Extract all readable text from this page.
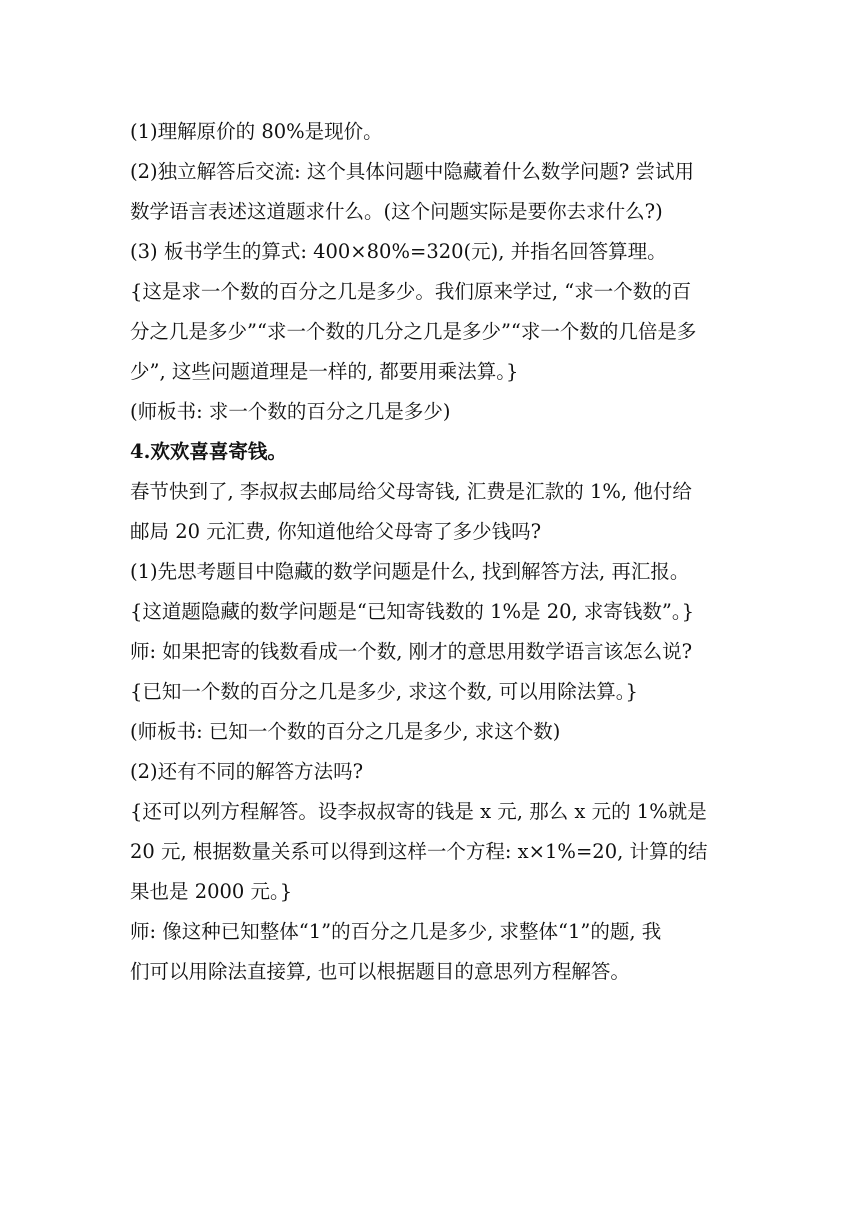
(1)理解原价的 80%是现价。

(2)独立解答后交流: 这个具体问题中隐藏着什么数学问题? 尝试用

数学语言表述这道题求什么。(这个问题实际是要你去求什么?)

(3) 板书学生的算式: 400×80%=320(元), 并指名回答算理。

{这是求一个数的百分之几是多少。我们原来学过, “求一个数的百

分之几是多少”“求一个数的几分之几是多少”“求一个数的几倍是多

少”, 这些问题道理是一样的, 都要用乘法算。}

(师板书: 求一个数的百分之几是多少)

4.欢欢喜喜寄钱。

春节快到了, 李叔叔去邮局给父母寄钱, 汇费是汇款的 1%, 他付给

邮局 20 元汇费, 你知道他给父母寄了多少钱吗?

(1)先思考题目中隐藏的数学问题是什么, 找到解答方法, 再汇报。

{这道题隐藏的数学问题是“已知寄钱数的 1%是 20, 求寄钱数”。}

师: 如果把寄的钱数看成一个数, 刚才的意思用数学语言该怎么说?

{已知一个数的百分之几是多少, 求这个数, 可以用除法算。}

(师板书: 已知一个数的百分之几是多少, 求这个数)

(2)还有不同的解答方法吗?

{还可以列方程解答。设李叔叔寄的钱是 x 元, 那么 x 元的 1%就是

20 元, 根据数量关系可以得到这样一个方程: x×1%=20, 计算的结

果也是 2000 元。}

师: 像这种已知整体“1”的百分之几是多少, 求整体“1”的题, 我

们可以用除法直接算, 也可以根据题目的意思列方程解答。
